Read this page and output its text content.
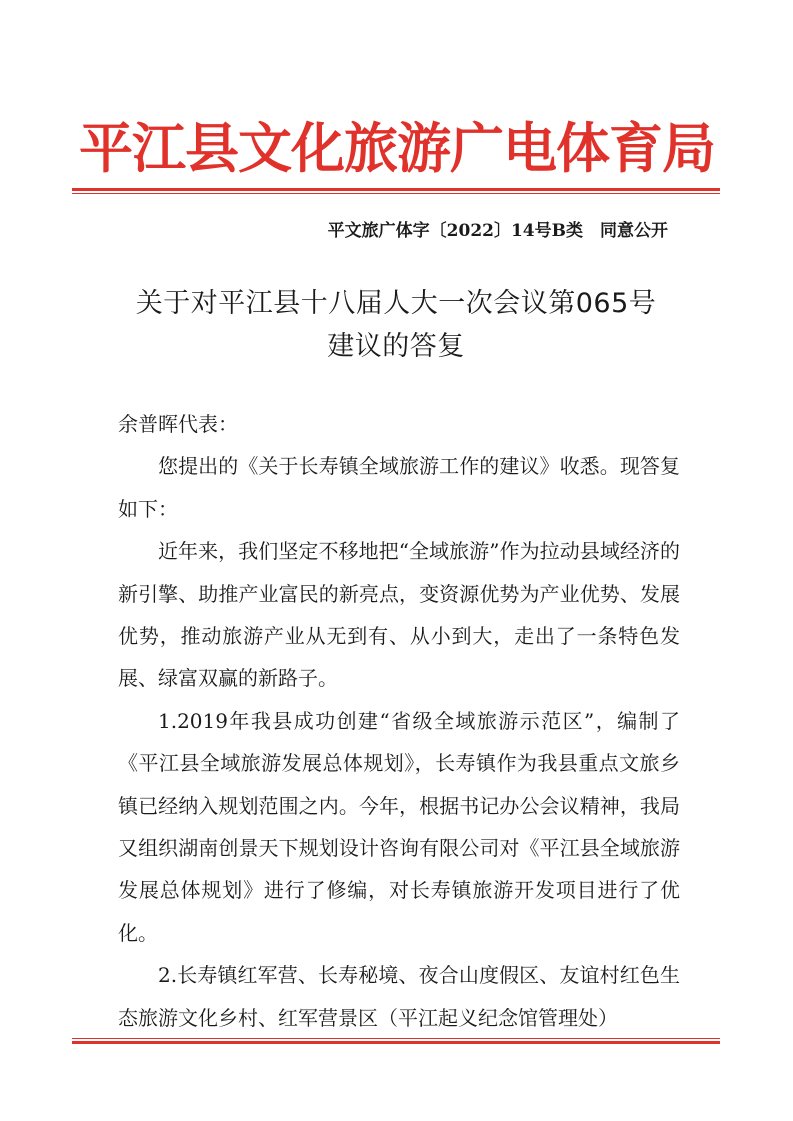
平江县文化旅游广电体育局
平文旅广体字〔2022〕14号B类　同意公开
关于对平江县十八届人大一次会议第065号
建议的答复

余普晖代表：

您提出的《关于长寿镇全域旅游工作的建议》收悉。现答复如下：

近年来，我们坚定不移地把“全域旅游”作为拉动县域经济的新引擎、助推产业富民的新亮点，变资源优势为产业优势、发展优势，推动旅游产业从无到有、从小到大，走出了一条特色发展、绿富双赢的新路子。

1.2019年我县成功创建“省级全域旅游示范区”，编制了《平江县全域旅游发展总体规划》，长寿镇作为我县重点文旅乡镇已经纳入规划范围之内。今年，根据书记办公会议精神，我局又组织湖南创景天下规划设计咨询有限公司对《平江县全域旅游发展总体规划》进行了修编，对长寿镇旅游开发项目进行了优化。

2.长寿镇红军营、长寿秘境、夜合山度假区、友谊村红色生态旅游文化乡村、红军营景区（平江起义纪念馆管理处）
